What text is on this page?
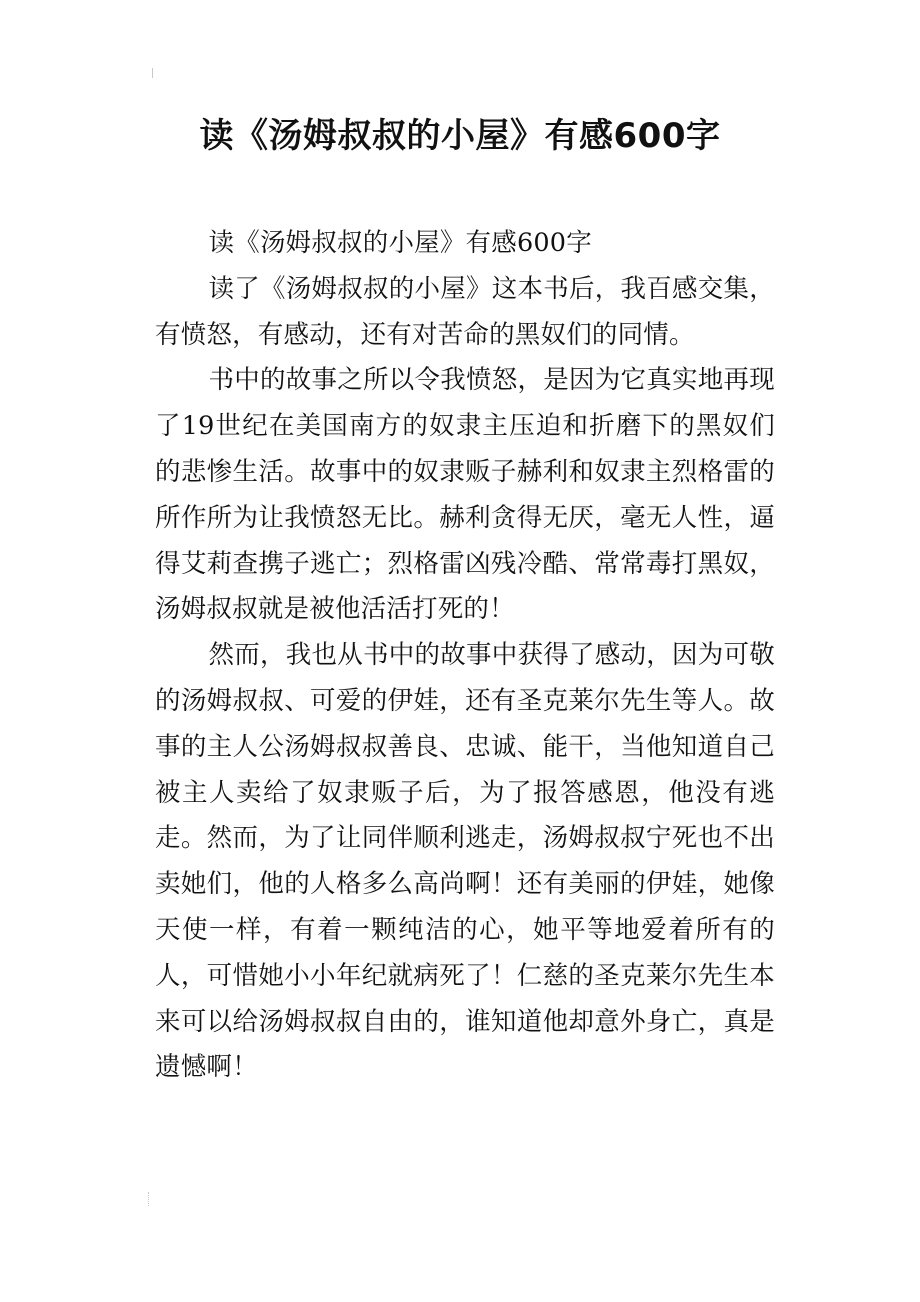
读《汤姆叔叔的小屋》有感600字

读《汤姆叔叔的小屋》有感600字

读了《汤姆叔叔的小屋》这本书后，我百感交集，有愤怒，有感动，还有对苦命的黑奴们的同情。

书中的故事之所以令我愤怒，是因为它真实地再现了19世纪在美国南方的奴隶主压迫和折磨下的黑奴们的悲惨生活。故事中的奴隶贩子赫利和奴隶主烈格雷的所作所为让我愤怒无比。赫利贪得无厌，毫无人性，逼得艾莉查携子逃亡；烈格雷凶残冷酷、常常毒打黑奴，汤姆叔叔就是被他活活打死的！

然而，我也从书中的故事中获得了感动，因为可敬的汤姆叔叔、可爱的伊娃，还有圣克莱尔先生等人。故事的主人公汤姆叔叔善良、忠诚、能干，当他知道自己被主人卖给了奴隶贩子后，为了报答感恩，他没有逃走。然而，为了让同伴顺利逃走，汤姆叔叔宁死也不出卖她们，他的人格多么高尚啊！还有美丽的伊娃，她像天使一样，有着一颗纯洁的心，她平等地爱着所有的人，可惜她小小年纪就病死了！仁慈的圣克莱尔先生本来可以给汤姆叔叔自由的，谁知道他却意外身亡，真是遗憾啊！
